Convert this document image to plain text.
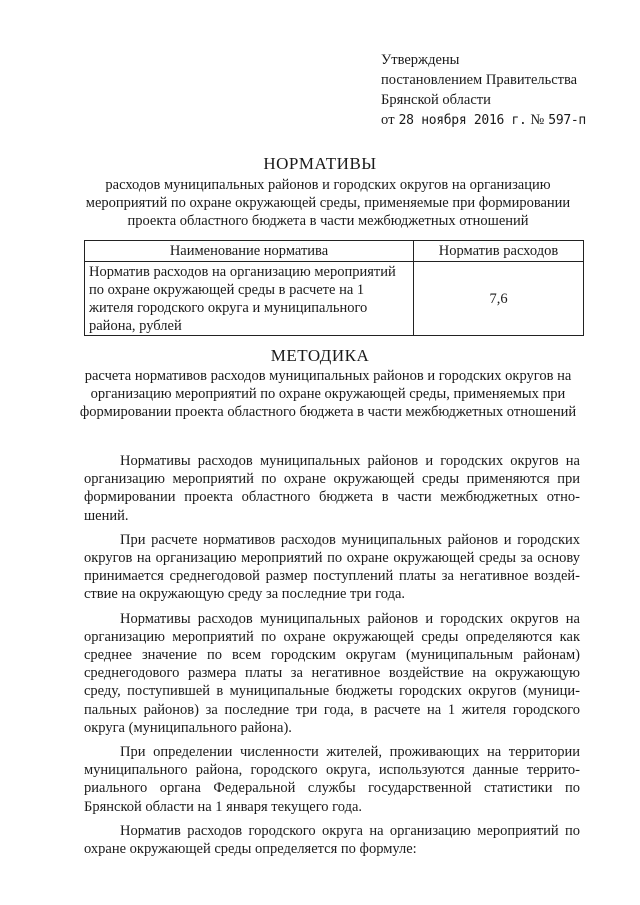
Утверждены
постановлением Правительства
Брянской области
от 28 ноября 2016 г. № 597-п
НОРМАТИВЫ
расходов муниципальных районов и городских округов на организацию мероприятий по охране окружающей среды, применяемые при формировании проекта областного бюджета в части межбюджетных отношений
Наименование норматива	Норматив расходов
Норматив расходов на организацию мероприятий по охране окружающей среды в расчете на 1 жителя городского округа и муниципального района, рублей	7,6
МЕТОДИКА
расчета нормативов расходов муниципальных районов и городских округов на организацию мероприятий по охране окружающей среды, применяемых при формировании проекта областного бюджета в части межбюджетных отношений

Нормативы расходов муниципальных районов и городских округов на организацию мероприятий по охране окружающей среды применяются при формировании проекта областного бюджета в части межбюджетных отношений.

При расчете нормативов расходов муниципальных районов и городских округов на организацию мероприятий по охране окружающей среды за основу принимается среднегодовой размер поступлений платы за негативное воздействие на окружающую среду за последние три года.

Нормативы расходов муниципальных районов и городских округов на организацию мероприятий по охране окружающей среды определяются как среднее значение по всем городским округам (муниципальным районам) среднегодового размера платы за негативное воздействие на окружающую среду, поступившей в муниципальные бюджеты городских округов (муниципальных районов) за последние три года, в расчете на 1 жителя городского округа (муниципального района).

При определении численности жителей, проживающих на территории муниципального района, городского округа, используются данные территориального органа Федеральной службы государственной статистики по Брянской области на 1 января текущего года.

Норматив расходов городского округа на организацию мероприятий по охране окружающей среды определяется по формуле:
